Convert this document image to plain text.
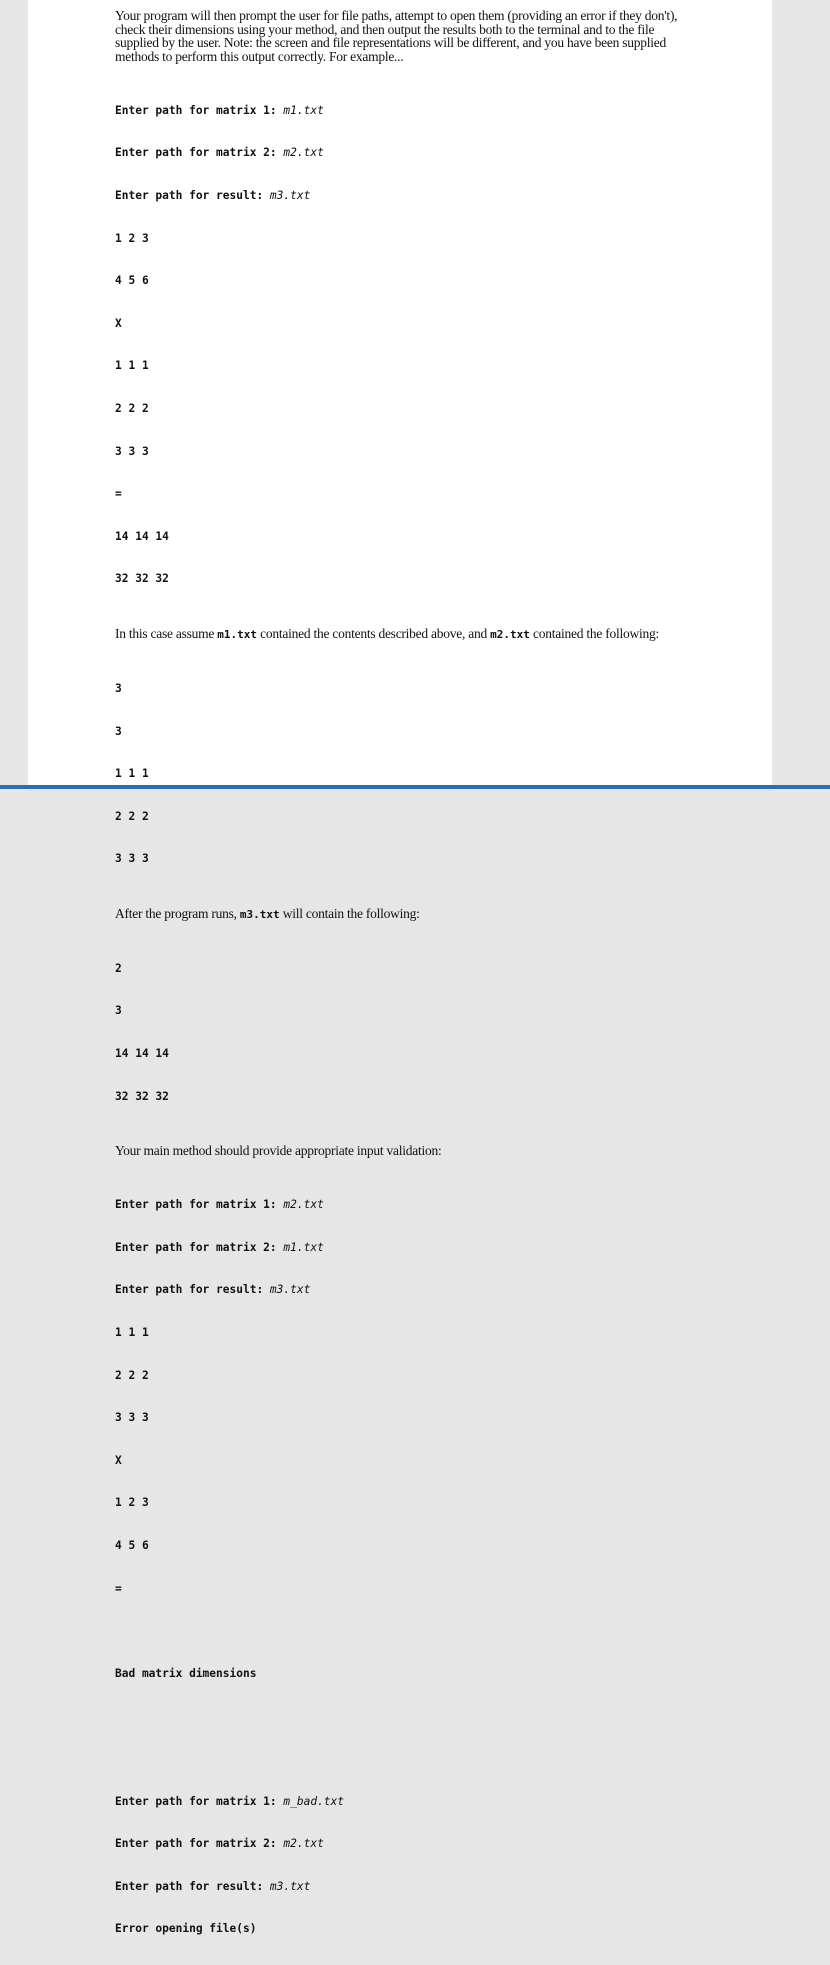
Your program will then prompt the user for file paths, attempt to open them (providing an error if they don't), check their dimensions using your method, and then output the results both to the terminal and to the file supplied by the user. Note: the screen and file representations will be different, and you have been supplied methods to perform this output correctly. For example...

Enter path for matrix 1: m1.txt

Enter path for matrix 2: m2.txt

Enter path for result: m3.txt

1 2 3

4 5 6

X

1 1 1

2 2 2

3 3 3

=

14 14 14

32 32 32

In this case assume m1.txt contained the contents described above, and m2.txt contained the following:

3

3

1 1 1

2 2 2

3 3 3

After the program runs, m3.txt will contain the following:

2

3

14 14 14

32 32 32

Your main method should provide appropriate input validation:

Enter path for matrix 1: m2.txt

Enter path for matrix 2: m1.txt

Enter path for result: m3.txt

1 1 1

2 2 2

3 3 3

X

1 2 3

4 5 6

=

Bad matrix dimensions

Enter path for matrix 1: m_bad.txt

Enter path for matrix 2: m2.txt

Enter path for result: m3.txt

Error opening file(s)
